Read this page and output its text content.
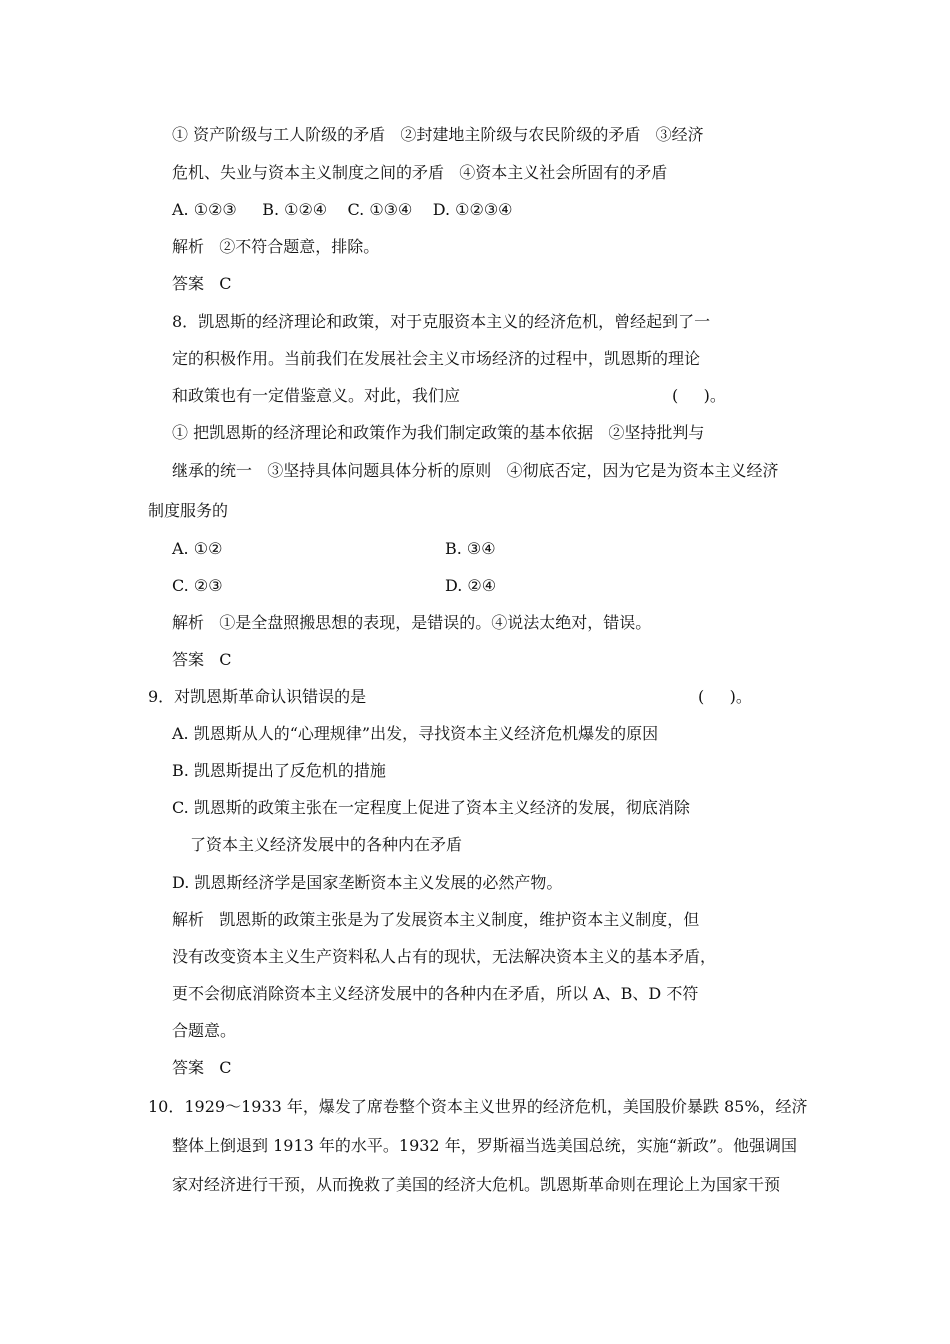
① 资产阶级与工人阶级的矛盾   ②封建地主阶级与农民阶级的矛盾   ③经济

危机、失业与资本主义制度之间的矛盾   ④资本主义社会所固有的矛盾

A. ①②③     B. ①②④    C. ①③④    D. ①②③④

解析   ②不符合题意，排除。

答案   C

8．凯恩斯的经济理论和政策，对于克服资本主义的经济危机，曾经起到了一

定的积极作用。当前我们在发展社会主义市场经济的过程中，凯恩斯的理论

和政策也有一定借鉴意义。对此，我们应	(     )。

① 把凯恩斯的经济理论和政策作为我们制定政策的基本依据   ②坚持批判与

继承的统一   ③坚持具体问题具体分析的原则   ④彻底否定，因为它是为资本主义经济

制度服务的

A. ①②	B. ③④

C. ②③	D. ②④

解析   ①是全盘照搬思想的表现，是错误的。④说法太绝对，错误。

答案   C

9．对凯恩斯革命认识错误的是	(     )。

A. 凯恩斯从人的“心理规律”出发，寻找资本主义经济危机爆发的原因

B. 凯恩斯提出了反危机的措施

C. 凯恩斯的政策主张在一定程度上促进了资本主义经济的发展，彻底消除

了资本主义经济发展中的各种内在矛盾

D. 凯恩斯经济学是国家垄断资本主义发展的必然产物。

解析   凯恩斯的政策主张是为了发展资本主义制度，维护资本主义制度，但

没有改变资本主义生产资料私人占有的现状，无法解决资本主义的基本矛盾，

更不会彻底消除资本主义经济发展中的各种内在矛盾，所以 A、B、D 不符

合题意。

答案   C

10．1929～1933 年，爆发了席卷整个资本主义世界的经济危机，美国股价暴跌 85%，经济

整体上倒退到 1913 年的水平。1932 年，罗斯福当选美国总统，实施“新政”。他强调国

家对经济进行干预，从而挽救了美国的经济大危机。凯恩斯革命则在理论上为国家干预
